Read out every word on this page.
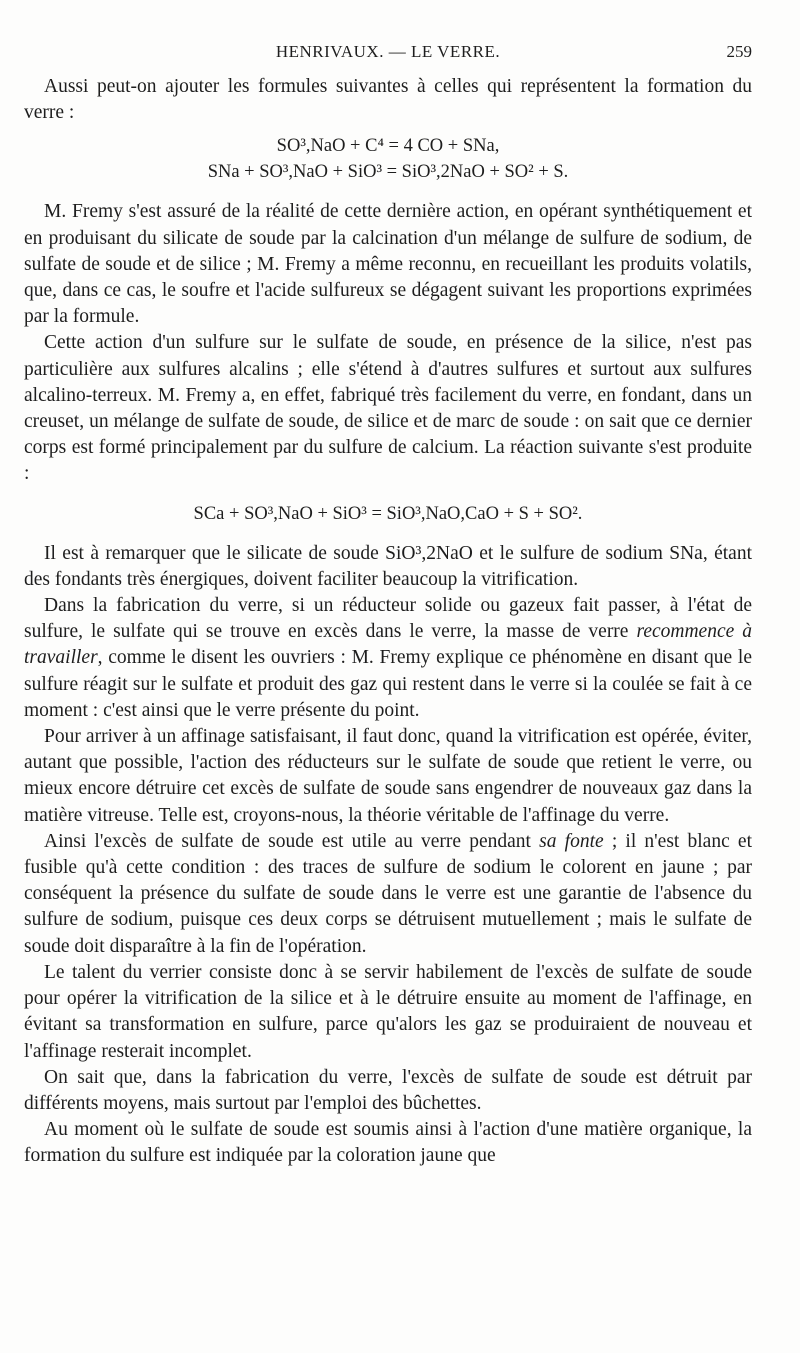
HENRIVAUX. — LE VERRE.	259

Aussi peut-on ajouter les formules suivantes à celles qui représentent la formation du verre :

SO³,NaO + C⁴ = 4 CO + SNa,
SNa + SO³,NaO + SiO³ = SiO³,2NaO + SO² + S.

M. Fremy s'est assuré de la réalité de cette dernière action, en opérant synthétiquement et en produisant du silicate de soude par la calcination d'un mélange de sulfure de sodium, de sulfate de soude et de silice ; M. Fremy a même reconnu, en recueillant les produits volatils, que, dans ce cas, le soufre et l'acide sulfureux se dégagent suivant les proportions exprimées par la formule.

Cette action d'un sulfure sur le sulfate de soude, en présence de la silice, n'est pas particulière aux sulfures alcalins ; elle s'étend à d'autres sulfures et surtout aux sulfures alcalino-terreux. M. Fremy a, en effet, fabriqué très facilement du verre, en fondant, dans un creuset, un mélange de sulfate de soude, de silice et de marc de soude : on sait que ce dernier corps est formé principalement par du sulfure de calcium. La réaction suivante s'est produite :

SCa + SO³,NaO + SiO³ = SiO³,NaO,CaO + S + SO².

Il est à remarquer que le silicate de soude SiO³,2NaO et le sulfure de sodium SNa, étant des fondants très énergiques, doivent faciliter beaucoup la vitrification.

Dans la fabrication du verre, si un réducteur solide ou gazeux fait passer, à l'état de sulfure, le sulfate qui se trouve en excès dans le verre, la masse de verre recommence à travailler, comme le disent les ouvriers : M. Fremy explique ce phénomène en disant que le sulfure réagit sur le sulfate et produit des gaz qui restent dans le verre si la coulée se fait à ce moment : c'est ainsi que le verre présente du point.

Pour arriver à un affinage satisfaisant, il faut donc, quand la vitrification est opérée, éviter, autant que possible, l'action des réducteurs sur le sulfate de soude que retient le verre, ou mieux encore détruire cet excès de sulfate de soude sans engendrer de nouveaux gaz dans la matière vitreuse. Telle est, croyons-nous, la théorie véritable de l'affinage du verre.

Ainsi l'excès de sulfate de soude est utile au verre pendant sa fonte ; il n'est blanc et fusible qu'à cette condition : des traces de sulfure de sodium le colorent en jaune ; par conséquent la présence du sulfate de soude dans le verre est une garantie de l'absence du sulfure de sodium, puisque ces deux corps se détruisent mutuellement ; mais le sulfate de soude doit disparaître à la fin de l'opération.

Le talent du verrier consiste donc à se servir habilement de l'excès de sulfate de soude pour opérer la vitrification de la silice et à le détruire ensuite au moment de l'affinage, en évitant sa transformation en sulfure, parce qu'alors les gaz se produiraient de nouveau et l'affinage resterait incomplet.

On sait que, dans la fabrication du verre, l'excès de sulfate de soude est détruit par différents moyens, mais surtout par l'emploi des bûchettes.

Au moment où le sulfate de soude est soumis ainsi à l'action d'une matière organique, la formation du sulfure est indiquée par la coloration jaune que
